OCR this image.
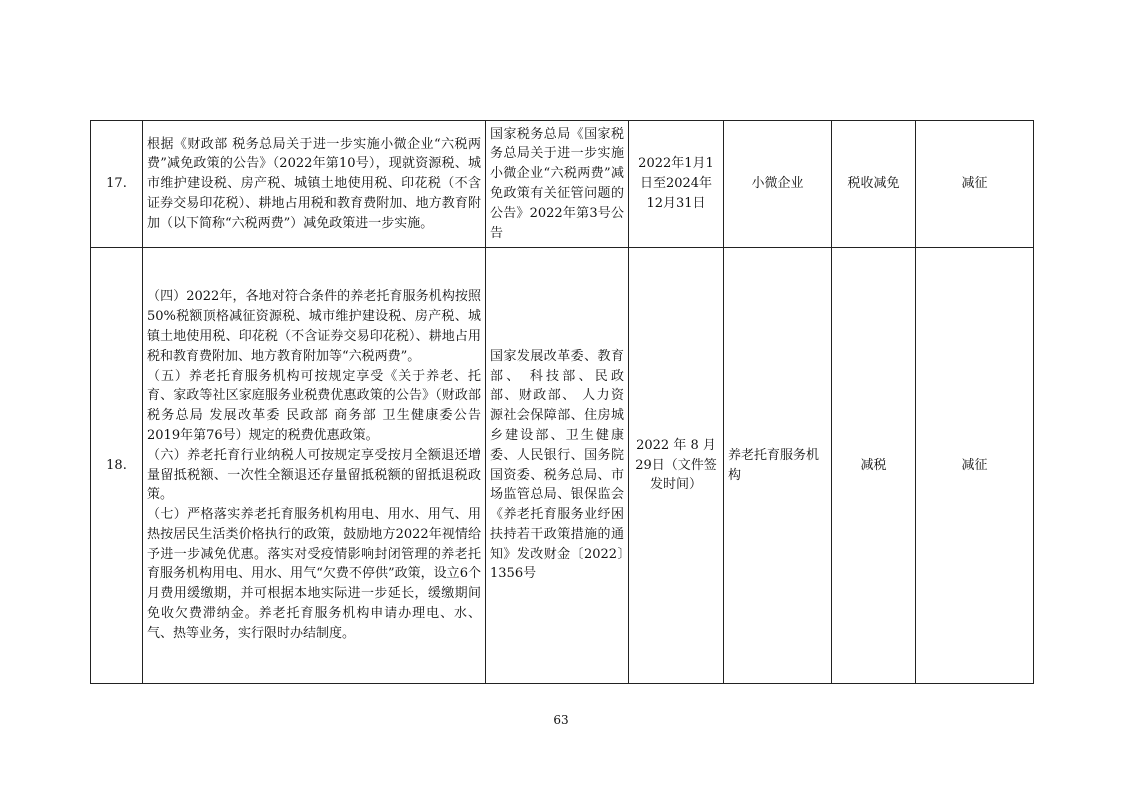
17.	根据《财政部 税务总局关于进一步实施小微企业“六税两费”减免政策的公告》（2022年第10号），现就资源税、城市维护建设税、房产税、城镇土地使用税、印花税（不含证券交易印花税）、耕地占用税和教育费附加、地方教育附加（以下简称“六税两费”）减免政策进一步实施。	国家税务总局《国家税务总局关于进一步实施小微企业“六税两费”减免政策有关征管问题的公告》2022年第3号公告	2022年1月1日至2024年12月31日	小微企业	税收减免	减征
18.	（四）2022年，各地对符合条件的养老托育服务机构按照50%税额顶格减征资源税、城市维护建设税、房产税、城镇土地使用税、印花税（不含证券交易印花税）、耕地占用税和教育费附加、地方教育附加等“六税两费”。
（五）养老托育服务机构可按规定享受《关于养老、托育、家政等社区家庭服务业税费优惠政策的公告》（财政部 税务总局 发展改革委 民政部 商务部 卫生健康委公告2019年第76号）规定的税费优惠政策。
（六）养老托育行业纳税人可按规定享受按月全额退还增量留抵税额、一次性全额退还存量留抵税额的留抵退税政策。
（七）严格落实养老托育服务机构用电、用水、用气、用热按居民生活类价格执行的政策，鼓励地方2022年视情给予进一步减免优惠。落实对受疫情影响封闭管理的养老托育服务机构用电、用水、用气“欠费不停供”政策，设立6个月费用缓缴期，并可根据本地实际进一步延长，缓缴期间免收欠费滞纳金。养老托育服务机构申请办理电、水、气、热等业务，实行限时办结制度。	国家发展改革委、教育部、 科技部、民政部、财政部、 人力资源社会保障部、住房城乡建设部、卫生健康委、人民银行、国务院国资委、税务总局、市场监管总局、银保监会《养老托育服务业纾困扶持若干政策措施的通知》发改财金〔2022〕1356号	2022 年 8 月29日（文件签发时间）	养老托育服务机构	减税	减征
63
